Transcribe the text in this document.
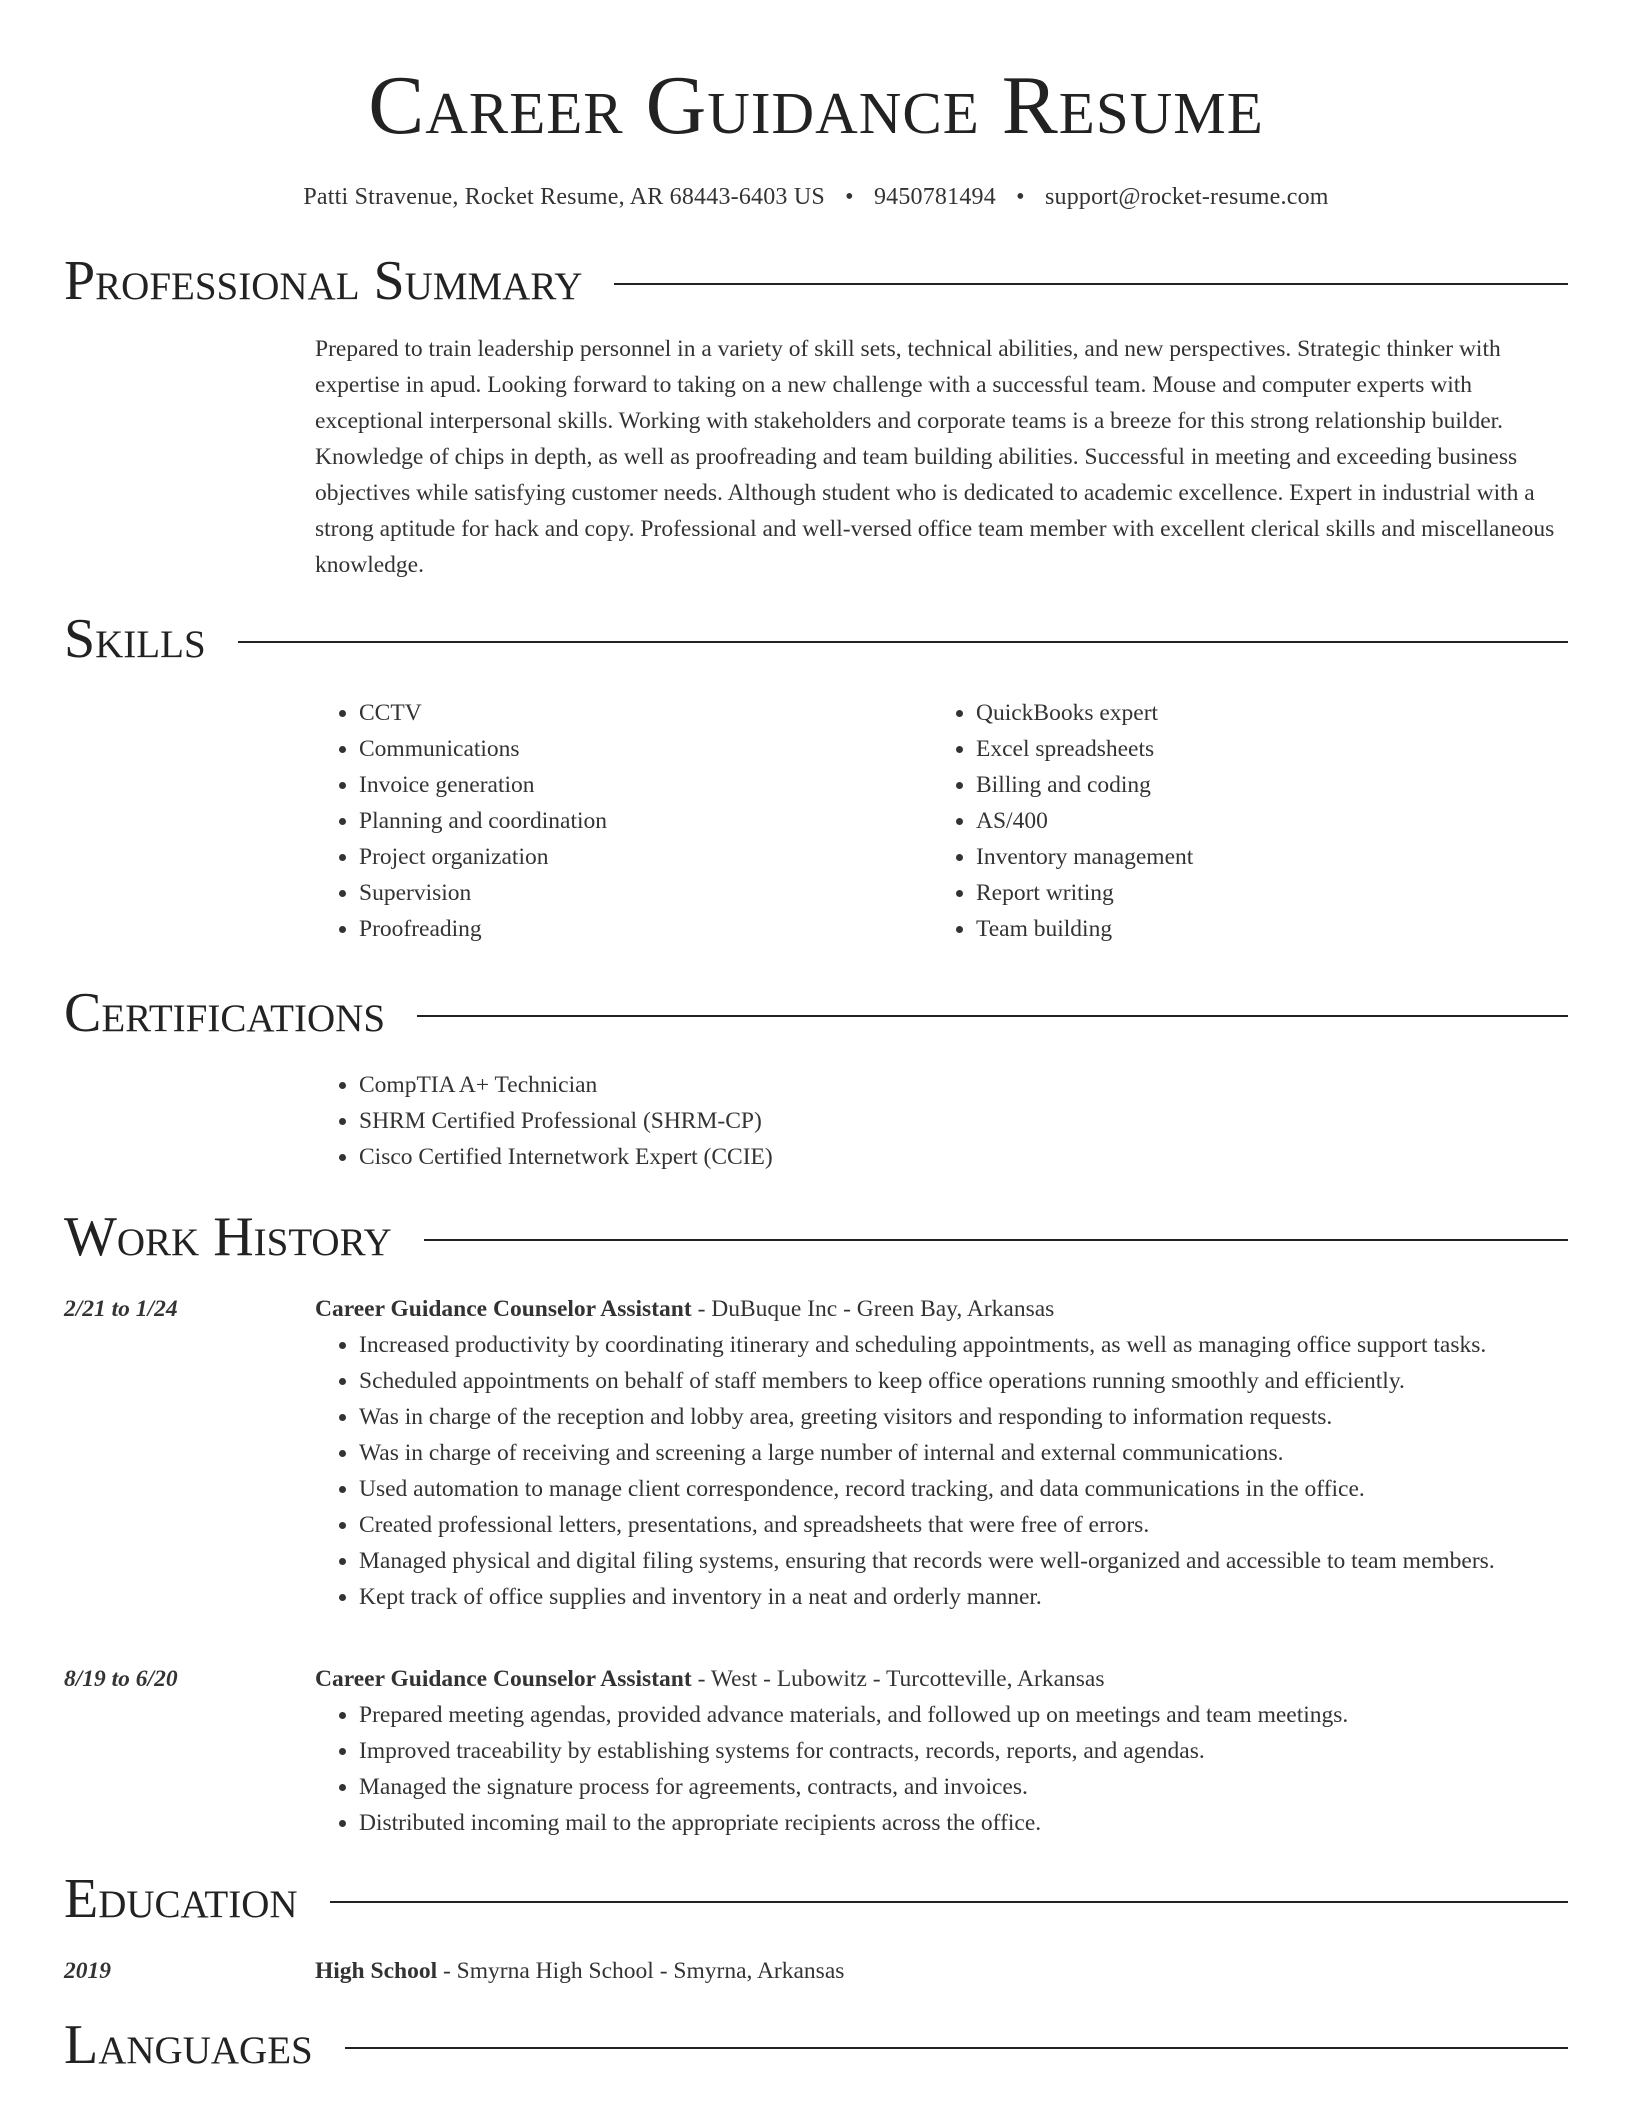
Career Guidance Resume
Patti Stravenue, Rocket Resume, AR 68443-6403 US • 9450781494 • support@rocket-resume.com
Professional Summary

Prepared to train leadership personnel in a variety of skill sets, technical abilities, and new perspectives. Strategic thinker with expertise in apud. Looking forward to taking on a new challenge with a successful team. Mouse and computer experts with exceptional interpersonal skills. Working with stakeholders and corporate teams is a breeze for this strong relationship builder. Knowledge of chips in depth, as well as proofreading and team building abilities. Successful in meeting and exceeding business objectives while satisfying customer needs. Although student who is dedicated to academic excellence. Expert in industrial with a strong aptitude for hack and copy. Professional and well-versed office team member with excellent clerical skills and miscellaneous knowledge.

Skills
• CCTV
• Communications
• Invoice generation
• Planning and coordination
• Project organization
• Supervision
• Proofreading
• QuickBooks expert
• Excel spreadsheets
• Billing and coding
• AS/400
• Inventory management
• Report writing
• Team building
Certifications
• CompTIA A+ Technician
• SHRM Certified Professional (SHRM-CP)
• Cisco Certified Internetwork Expert (CCIE)
Work History
2/21 to 1/24	Career Guidance Counselor Assistant - DuBuque Inc - Green Bay, Arkansas
• Increased productivity by coordinating itinerary and scheduling appointments, as well as managing office support tasks.
• Scheduled appointments on behalf of staff members to keep office operations running smoothly and efficiently.
• Was in charge of the reception and lobby area, greeting visitors and responding to information requests.
• Was in charge of receiving and screening a large number of internal and external communications.
• Used automation to manage client correspondence, record tracking, and data communications in the office.
• Created professional letters, presentations, and spreadsheets that were free of errors.
• Managed physical and digital filing systems, ensuring that records were well-organized and accessible to team members.
• Kept track of office supplies and inventory in a neat and orderly manner.
8/19 to 6/20	Career Guidance Counselor Assistant - West - Lubowitz - Turcotteville, Arkansas
• Prepared meeting agendas, provided advance materials, and followed up on meetings and team meetings.
• Improved traceability by establishing systems for contracts, records, reports, and agendas.
• Managed the signature process for agreements, contracts, and invoices.
• Distributed incoming mail to the appropriate recipients across the office.
Education
2019	High School - Smyrna High School - Smyrna, Arkansas
Languages
